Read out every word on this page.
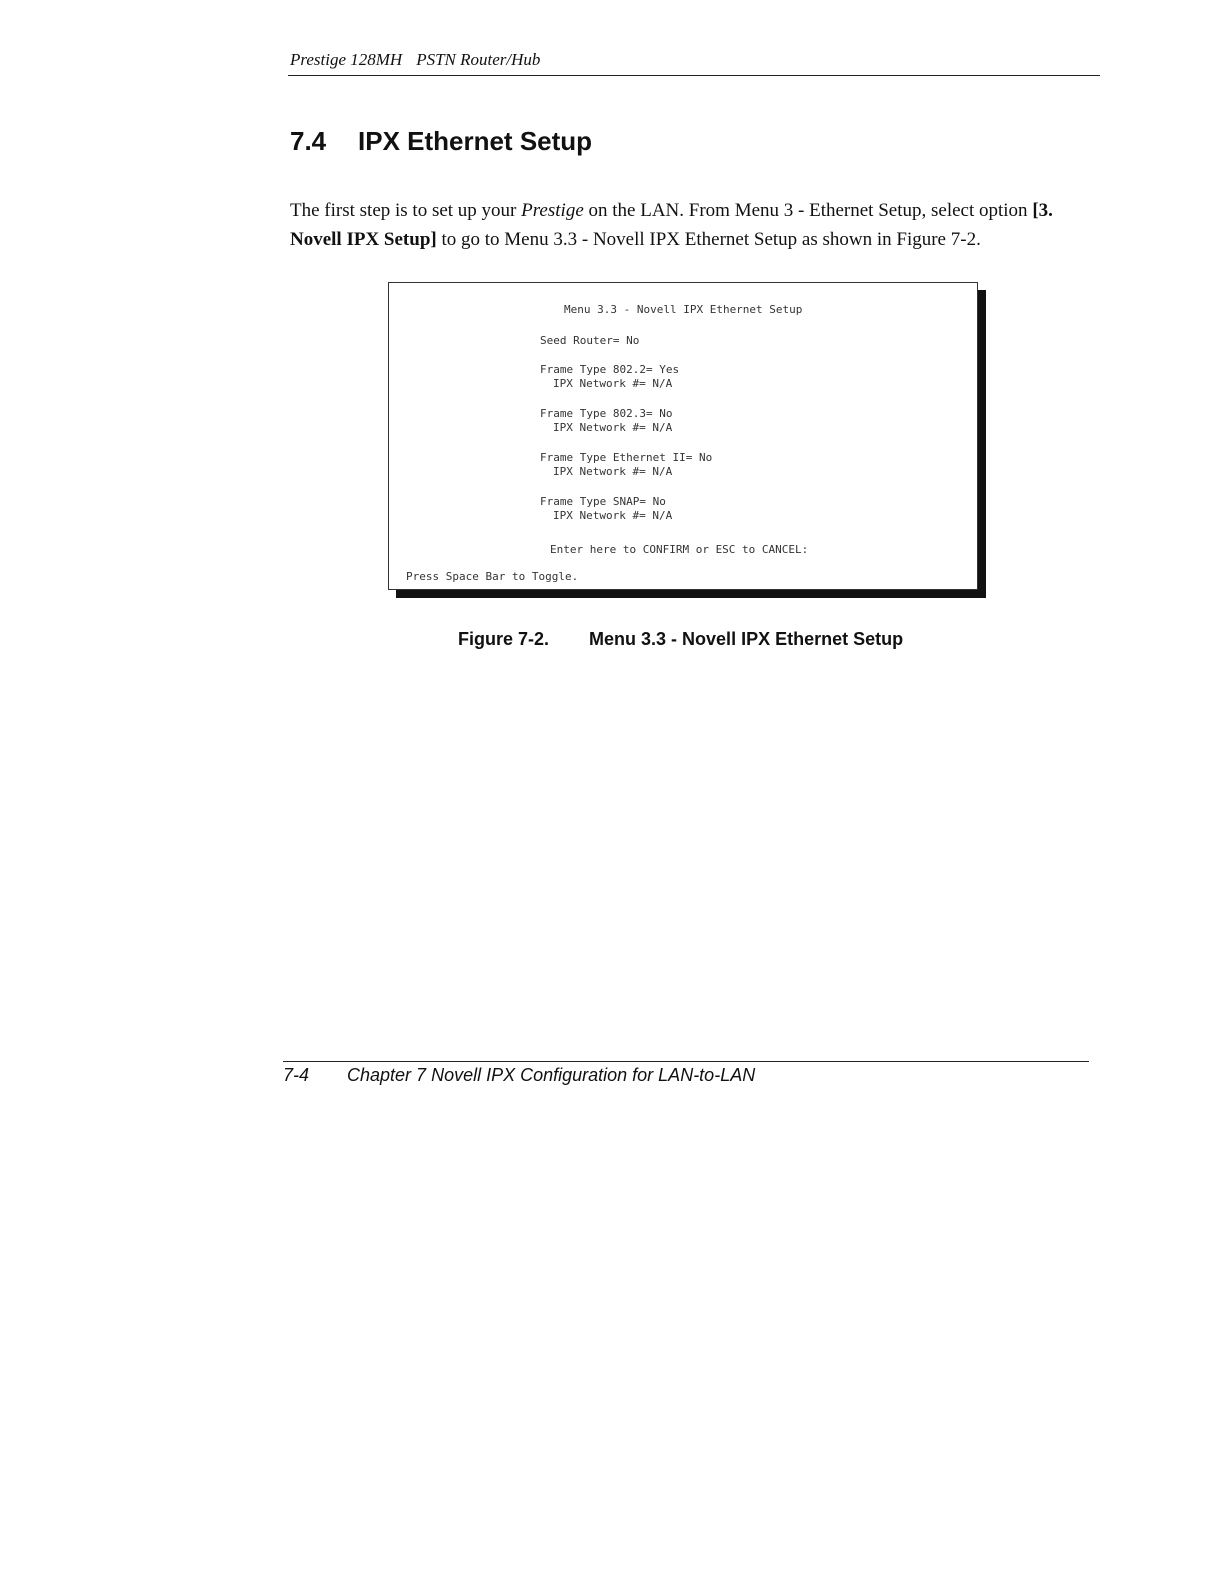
Prestige 128MH PSTN Router/Hub
7.4 IPX Ethernet Setup

The first step is to set up your Prestige on the LAN. From Menu 3 - Ethernet Setup, select option [3. Novell IPX Setup] to go to Menu 3.3 - Novell IPX Ethernet Setup as shown in Figure 7-2.

Menu 3.3 - Novell IPX Ethernet Setup
Seed Router= No
Frame Type 802.2= Yes
IPX Network #= N/A
Frame Type 802.3= No
IPX Network #= N/A
Frame Type Ethernet II= No
IPX Network #= N/A
Frame Type SNAP= No
IPX Network #= N/A
Enter here to CONFIRM or ESC to CANCEL:
Press Space Bar to Toggle.
Figure 7-2. Menu 3.3 - Novell IPX Ethernet Setup
7-4 Chapter 7 Novell IPX Configuration for LAN-to-LAN
